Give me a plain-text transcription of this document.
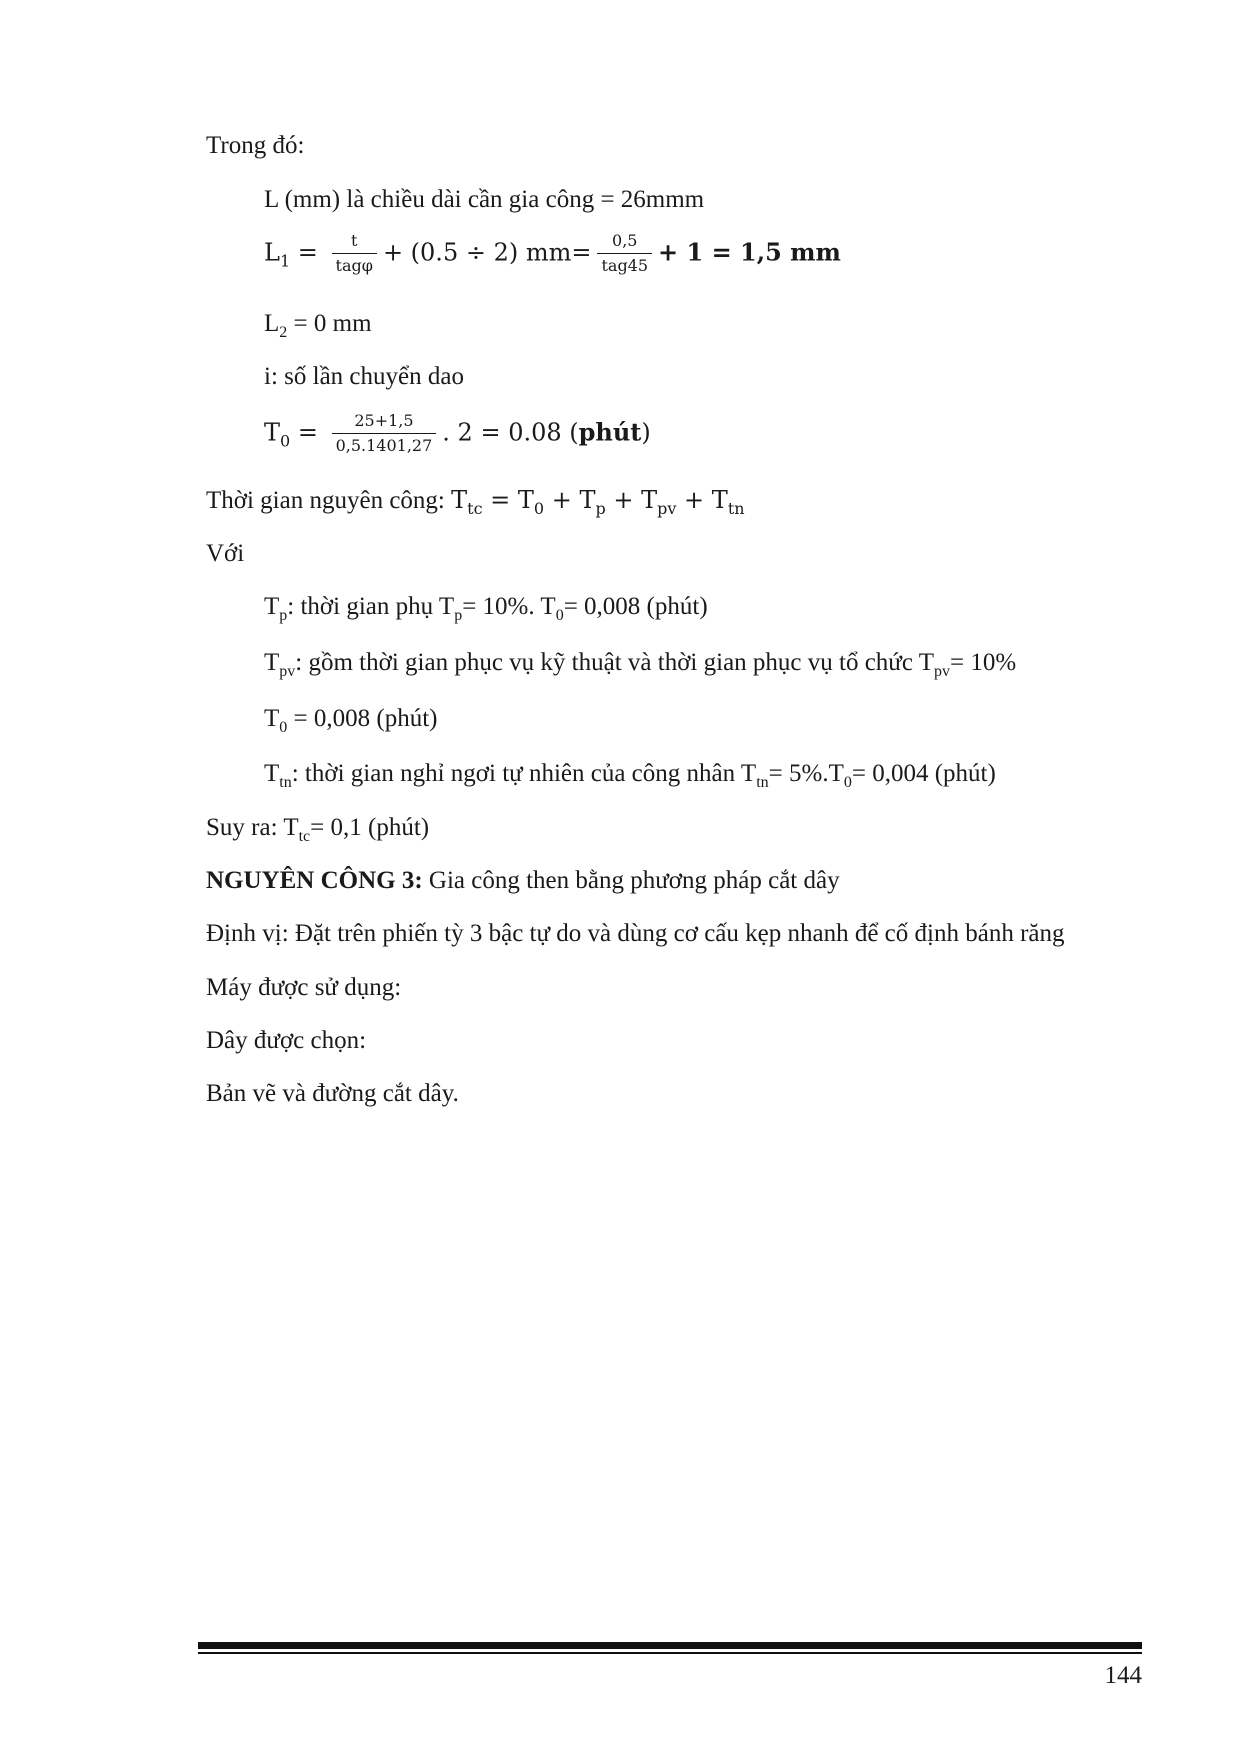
Trong đó:
L (mm) là chiều dài cần gia công = 26mmm
$L_1 = \frac{t}{\text{tagφ}} + (0.5 \div 2)$ $mm= \frac{0,5}{\text{tag45}} + 1 = 1,5$ mm
$L_2 = 0$ mm
i: số lần chuyển dao
$T_0 = \frac{25+1,5}{0,5.1401,27}$ . 2 = 0.08 (phút)
Thời gian nguyên công: $T_{tc} = T_0 + T_p + T_{pv} + T_{tn}$
Với
$T_p$: thời gian phụ $T_p= 10\%$. $T_0= 0,008$ (phút)
$T_{pv}$: gồm thời gian phục vụ kỹ thuật và thời gian phục vụ tổ chức $T_{pv}= 10\%$
$T_0 = 0,008$ (phút)
$T_{tn}$: thời gian nghỉ ngơi tự nhiên của công nhân $T_{tn}= 5\%.T_0= 0,004$ (phút)
Suy ra: $T_{tc}= 0,1$ (phút)
NGUYÊN CÔNG 3: Gia công then bằng phương pháp cắt dây
Định vị: Đặt trên phiến tỳ 3 bậc tự do và dùng cơ cấu kẹp nhanh để cố định bánh răng
Máy được sử dụng:
Dây được chọn:
Bản vẽ và đường cắt dây.
144
